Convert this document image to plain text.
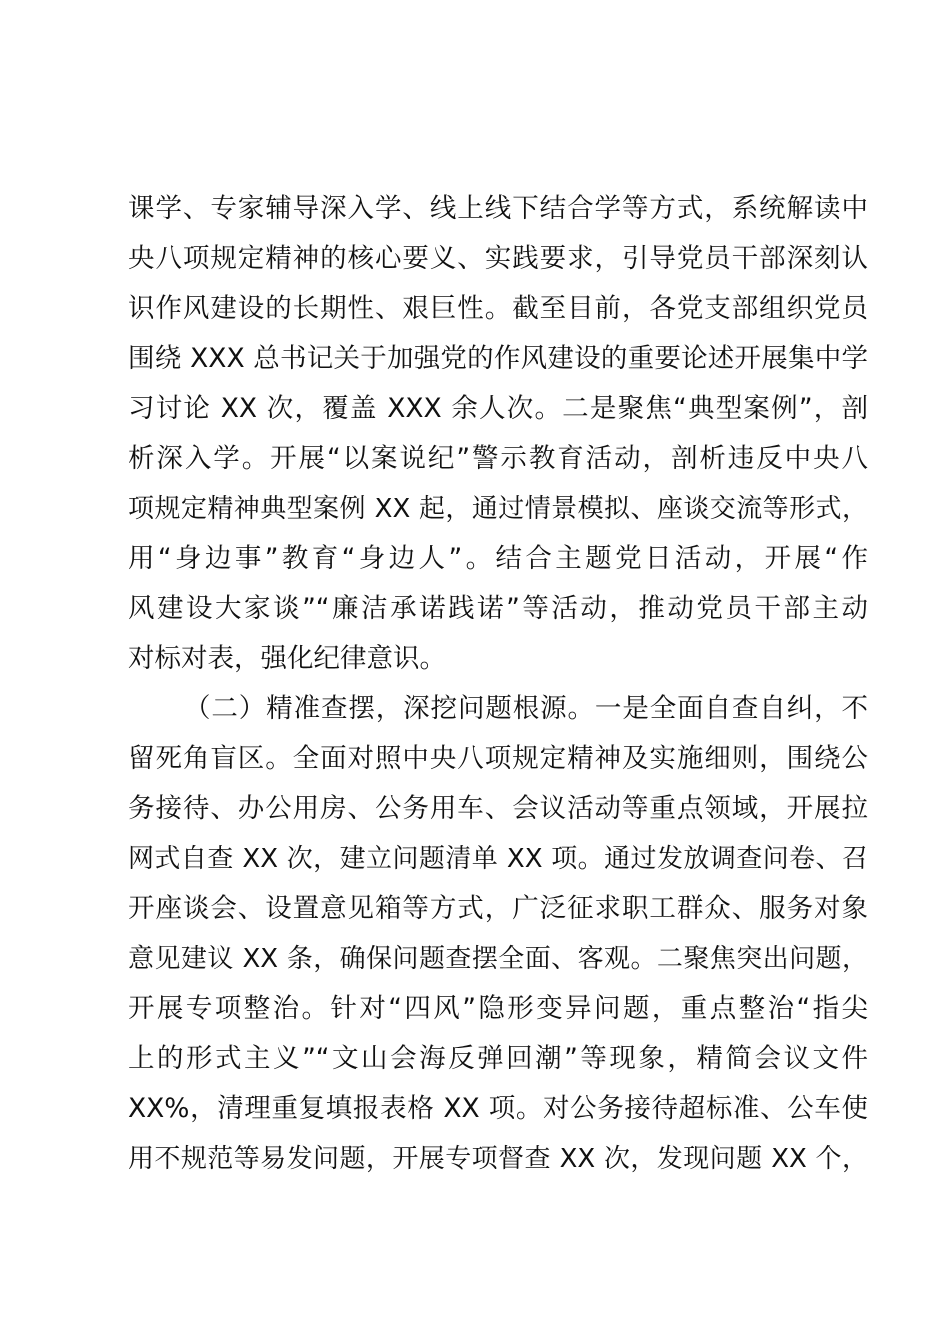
课学、专家辅导深入学、线上线下结合学等方式，系统解读中
央八项规定精神的核心要义、实践要求，引导党员干部深刻认
识作风建设的长期性、艰巨性。截至目前，各党支部组织党员
围绕 XXX 总书记关于加强党的作风建设的重要论述开展集中学
习讨论 XX 次，覆盖 XXX 余人次。二是聚焦“典型案例”，剖
析深入学。开展“以案说纪”警示教育活动，剖析违反中央八
项规定精神典型案例 XX 起，通过情景模拟、座谈交流等形式，
用“身边事”教育“身边人”。结合主题党日活动，开展“作
风建设大家谈”“廉洁承诺践诺”等活动，推动党员干部主动
对标对表，强化纪律意识。
（二）精准查摆，深挖问题根源。一是全面自查自纠，不
留死角盲区。全面对照中央八项规定精神及实施细则，围绕公
务接待、办公用房、公务用车、会议活动等重点领域，开展拉
网式自查 XX 次，建立问题清单 XX 项。通过发放调查问卷、召
开座谈会、设置意见箱等方式，广泛征求职工群众、服务对象
意见建议 XX 条，确保问题查摆全面、客观。二聚焦突出问题，
开展专项整治。针对“四风”隐形变异问题，重点整治“指尖
上的形式主义”“文山会海反弹回潮”等现象，精简会议文件
XX%，清理重复填报表格 XX 项。对公务接待超标准、公车使
用不规范等易发问题，开展专项督查 XX 次，发现问题 XX 个，
